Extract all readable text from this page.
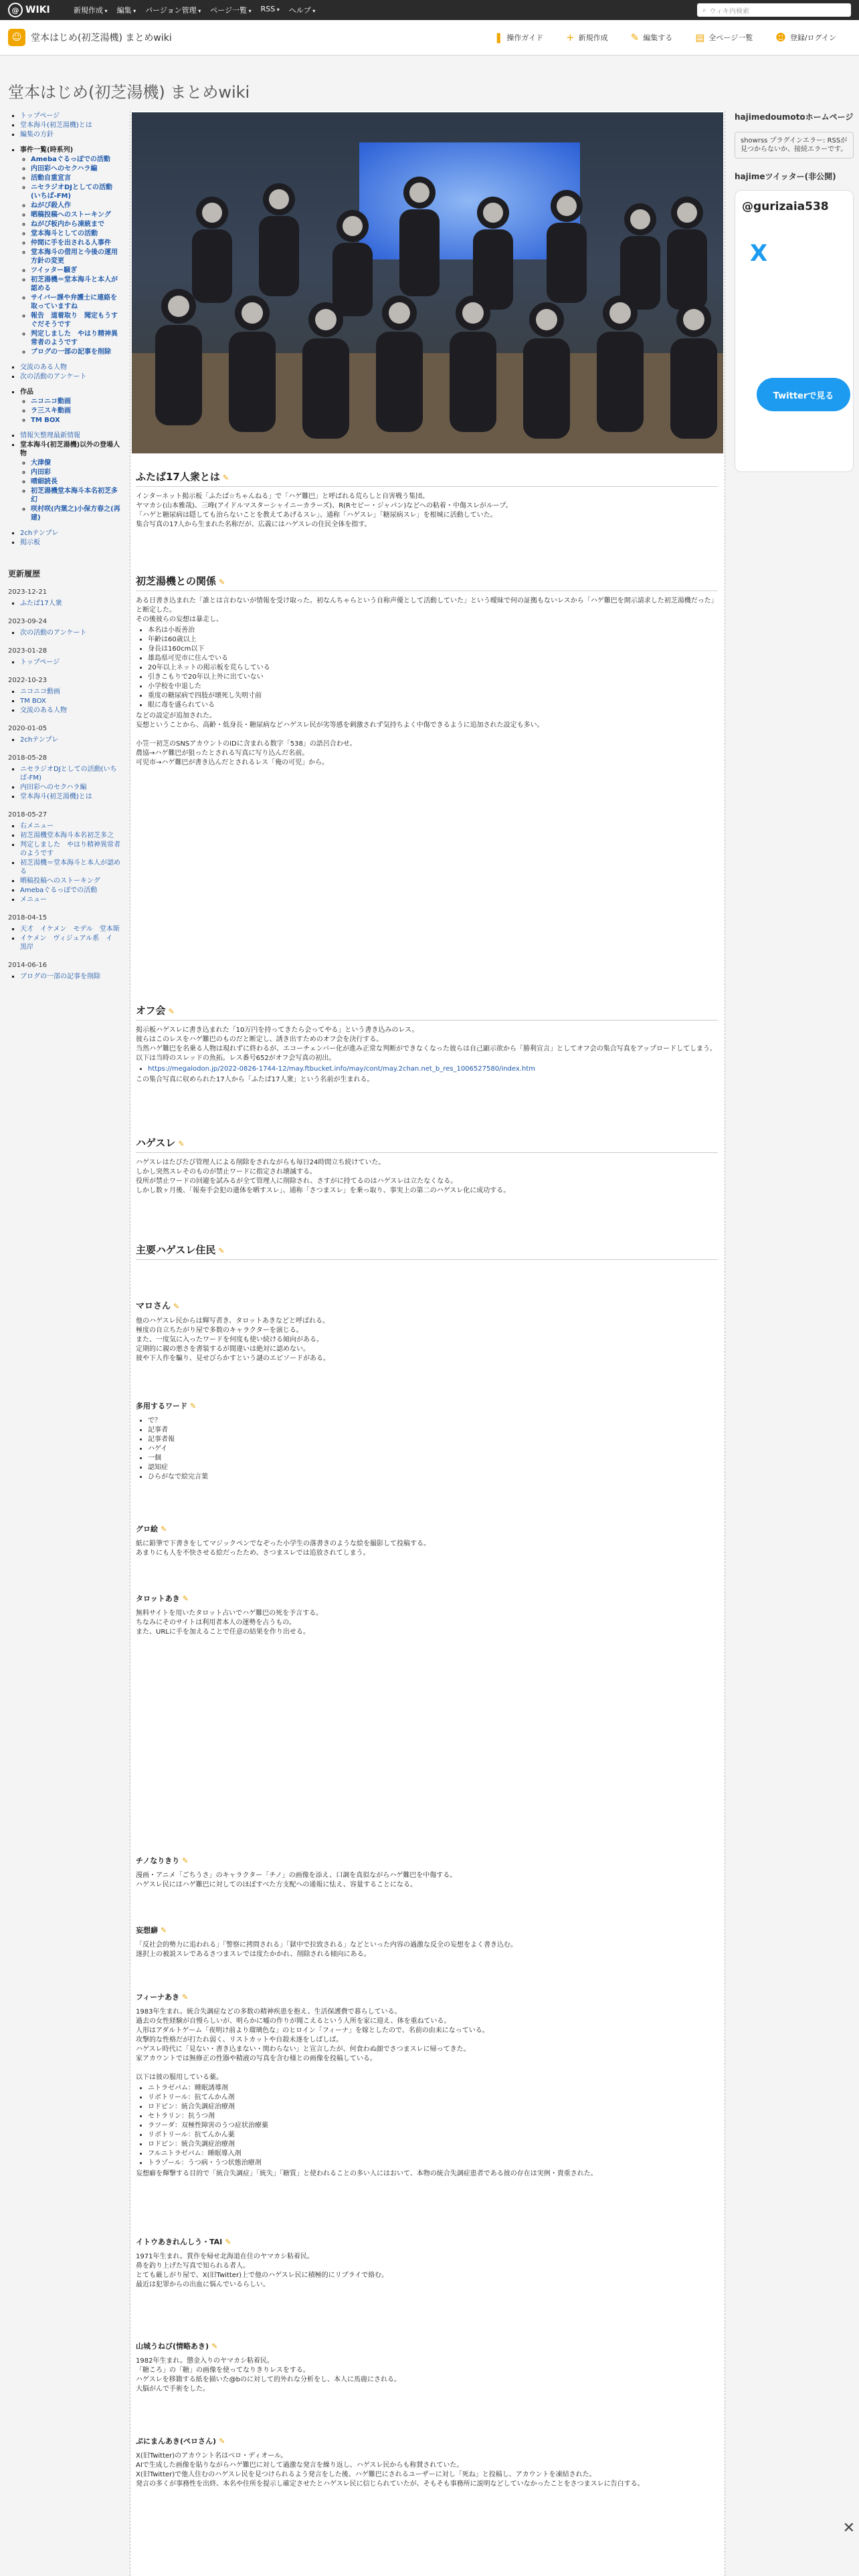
@ WIKI	新規作成 ▾	編集 ▾	バージョン管理 ▾	ページ一覧 ▾	RSS ▾	ヘルプ ▾	⌕ ウィキ内検索
☺ 堂本はじめ(初芝湯機) まとめwiki	❚ 操作ガイド + 新規作成 ✎ 編集する ▤ 全ページ一覧 ☻ 登録/ログイン
堂本はじめ(初芝湯機) まとめwiki
▪ トップページ
▪ 堂本海斗(初芝湯機)とは
▪ 編集の方針
▪ 事件一覧(時系列)
◦ Amebaぐるっぽでの活動
◦ 内田彩へのセクハラ編
◦ 活動自重宣言
◦ ニセラジオDJとしての活動(いちば-FM)
◦ ねがぴ殺人作
◦ 晒稿投稿へのストーキング
◦ ねがぴ板内から凍統まで
◦ 堂本海斗としての活動
◦ 仲間に手を出される人事件
◦ 堂本海斗の借用と今後の運用方針の変更
◦ ツイッター騒ぎ
◦ 初芝湯機＝堂本海斗と本人が認める
◦ サイバー課や弁護士に連絡を取っていますね
◦ 報告　道着取り　聞定もうすぐだそうです
◦ 判定しました　やはり精神異常者のようです
◦ ブログの一部の記事を削除
▪ 交流のある人物
▪ 次の活動のアンケート
▪ 作品
◦ ニコニコ動画
◦ ラ三スキ動画
◦ TM BOX
▪ 情報矢整理最新情報
▪ 堂本海斗(初芝湯機)以外の登場人物
◦ 大津僚
◦ 内田彩
◦ 晴細読長
◦ 初芝湯機堂本海斗本名初芝多幻
◦ 咲村咲(内葉之)小保方春之(再建)
▪ 2chテンプレ
▪ 掲示板
更新履歴
2023-12-21
▪ ふたば17人衆
2023-09-24
▪ 次の活動のアンケート
2023-01-28
▪ トップページ
2022-10-23
▪ ニコニコ動画
▪ TM BOX
▪ 交流のある人物
2020-01-05
▪ 2chテンプレ
2018-05-28
▪ ニセラジオDJとしての活動(いちば-FM)
▪ 内田彩へのセクハラ編
▪ 堂本海斗(初芝湯機)とは
2018-05-27
▪ 右メニュー
▪ 初芝湯機堂本海斗本名初芝多之
▪ 判定しました　やはり精神異常者のようです
▪ 初芝湯機＝堂本海斗と本人が認める
▪ 晒稿投稿へのストーキング
▪ Amebaぐるっぽでの活動
▪ メニュー
2018-04-15
▪ 天才　イケメン　モデル　堂本斯
▪ イケメン　ヴィジュアル系　イ　黒岸
2014-06-16
▪ ブログの一部の記事を削除
ふたば17人衆とは ✎
インターネット掲示板「ふたば☆ちゃんねる」で「ハゲ難巴」と呼ばれる荒らしと自害戦う集団。
ヤマカシ(山本雅哉)、三峰(アイドルマスターシャイニーカラーズ)、R(Rセピー・ジャパン)などへの粘着・中傷スレがループ。
「ハゲと糖尿病は隠しても治らないことを教えてあげるスレ」、通称「ハゲスレ」「糖尿病スレ」を根城に活動していた。
集合写真の17人から生まれた名称だが、広義にはハゲスレの住民全体を指す。
初芝湯機との関係 ✎
ある日書き込まれた「誰とは言わないが情報を受け取った。初なんちゃらという自称声優として活動していた」という曖昧で何の証拠もないレスから「ハゲ難巴を開示請求した初芝湯機だった」と断定した。
その後彼らの妄想は暴走し、
• 本名は小坂善治
• 年齢は60歳以上
• 身長は160cm以下
• 雄島県可児市に住んでいる
• 20年以上ネットの掲示板を荒らしている
• 引きこもりで20年以上外に出ていない
• 小学校を中退した
• 重度の糖尿病で四肢が壊死し失明寸前
• 眼に毒を盛られている
などの設定が追加された。
妄想ということから、高齢・低身長・糖尿病などハゲスレ民が劣等感を刺激されず気持ちよく中傷できるように追加された設定も多い。

小笠一初芝のSNSアカウントのIDに含まれる数字「538」の語呂合わせ。
農協→ハゲ難巴が狙ったとされる写真に写り込んだ名前。
可児市→ハゲ難巴が書き込んだとされるレス「俺の可児」から。
オフ会 ✎
掲示板ハゲスレに書き込まれた「10万円を持ってきたら会ってやる」という書き込みのレス。
彼らはこのレスをハゲ難巴のものだと断定し、誘き出すためのオフ会を決行する。
当然ハゲ難巴を名乗る人物は現れずに終わるが、エコーチェンバー化が進み正常な判断ができなくなった彼らは自己顕示欲から「勝利宣言」としてオフ会の集合写真をアップロードしてしまう。
以下は当時のスレッドの魚拓。レス番号652がオフ会写真の初出。
• https://megalodon.jp/2022-0826-1744-12/may.ftbucket.info/may/cont/may.2chan.net_b_res_1006527580/index.htm
この集合写真に収められた17人から「ふたば17人衆」という名前が生まれる。
ハゲスレ ✎
ハゲスレはたびたび管理人による削除をされながらも毎日24時間立ち続けていた。
しかし突然スレそのものが禁止ワードに指定され壊滅する。
役所が禁止ワードの回避を試みるが全て管理人に削除され、さすがに持てるのはハゲスレは立たなくなる。
しかし数ヶ月後、「報奏手会犯の遺体を晒すスレ」、通称「さつまスレ」を乗っ取り、事実上の第二のハゲスレ化に成功する。
主要ハゲスレ住民 ✎
マロさん ✎
他のハゲスレ民からは輝写者き、タロットあきなどと呼ばれる。
極度の自立ちたがり屋で多数のキャラクターを演じる。
また、一度気に入ったワードを何度も使い続ける傾向がある。
定期的に親の悪さを書装するが間違いは絶対に認めない。
彼や下人作を騙り、見せびらかすという謎のエピソードがある。
多用するワード ✎
• で？
• 記事者
• 記事者報
• ハゲイ
• 一個
• 認知症
• ひらがなで絵完言葉
グロ絵 ✎
紙に鉛筆で下書きをしてマジックペンでなぞった小学生の落書きのような絵を撮影して投稿する。
あまりにも人を不快させる絵だったため、さつまスレでは追放されてしまう。
タロットあき ✎
無料サイトを用いたタロット占いでハゲ難巴の死を予言する。
ちなみにそのサイトは利用者本人の運勢を占うもの。
また、URLに手を加えることで任意の結果を作り出せる。
チノなりきり ✎
漫画・アニメ「ごちうさ」のキャラクター「チノ」の画像を添え、口調を真似ながらハゲ難巴を中傷する。
ハゲスレ民にはハゲ難巴に対してのほぼすべた方支配への通報に怯え、容量することになる。
妄想癖 ✎
「反社会的勢力に追われる」「警察に拷問される」「獄中で拉致される」などといった内容の過激な反全の妄想をよく書き込む。
遂択上の被説スレであるさつまスレでは度たかかれ、削除される傾向にある。
フィーナあき ✎
1983年生まれ。統合失調症などの多数の精神疾患を抱え、生活保護費で暮らしている。
過去の女性経験が自慢らしいが、明らかに嘘の作りが聞こえるという人所を家に迎え、体を重ねている。
人形はアダルトゲーム「夜明け前より瑠璃色な」のヒロイン「フィーナ」を嫁としたので、名前の由来になっている。
攻撃的な性格だが打たれ弱く、リストカットや自殺未遂をしばしば。
ハゲスレ時代に「見ない・書き込まない・関わらない」と宣言したが、何食わぬ顔でさつまスレに帰ってきた。
家アカウントでは無修正の性器や精液の写真を含む様との画像を投稿している。

以下は彼の服用している薬。
• ニトラゼパム：睡眠誘導剤
• リボトリール：抗てんかん剤
• ロドピン：統合失調症治療剤
• セトラリン：抗うつ剤
• ラツーダ：双極性障害のうつ症状治療薬
• リボトリール：抗てんかん薬
• ロドピン：統合失調症治療剤
• フルニトラゼパム：睡眠導入剤
• トラゾール：うつ病・うつ状態治療剤
妄想癖を輝撃する目的で「統合失調症」「統失」「糖質」と使われることの多い人にはおいて、本物の統合失調症患者である彼の存在は実例・貴重された。
イトウあきれんしう・TAI ✎
1971年生まれ。賞作を帰せ北海道在住のヤマカシ粘着民。
鼻を釣り上げた写真で知られる者人。
とても厳しがり屋で、X(旧Twitter)上で他のハゲスレ民に積極的にリプライで絡む。
最近は犯罪からの出血に悩んでいるらしい。
山城うねび(情略あき) ✎
1982年生まれ。懲金入りのヤマカシ粘着民。
「糖ころ」の「糖」の画像を使ってなりきりレスをする。
ハゲスレを移籍する紙を描いた@bのに対して的外れな分析をし、本人に馬鹿にされる。
大脳がんで手術をした。
ぷにまんあき(ぺロさん) ✎
X(旧Twitter)のアカウント名はべロ・ディオール。
AIで生成した画像を貼りながらハゲ難巴に対して過激な発言を繰り返し、ハゲスレ民からも称賛されていた。
X(旧Twitter)で他人住むのハゲスレ民を見つけられるよう発言をした後、ハゲ難巴にされるユーザーに対し「死ね」と投稿し、アカウントを凍結された。
発言の多くが事務性を出終、本名や住所を提示し確定させたとハゲスレ民に信じられていたが、そもそも事務所に説明などしていなかったことをさつまスレに告白する。
hajimedoumotoホームページ
showrss プラグインエラー: RSSが見つからないか、接続エラーです。
hajimeツイッター(非公開)
@gurizaia538
X
Twitterで見る
✕
